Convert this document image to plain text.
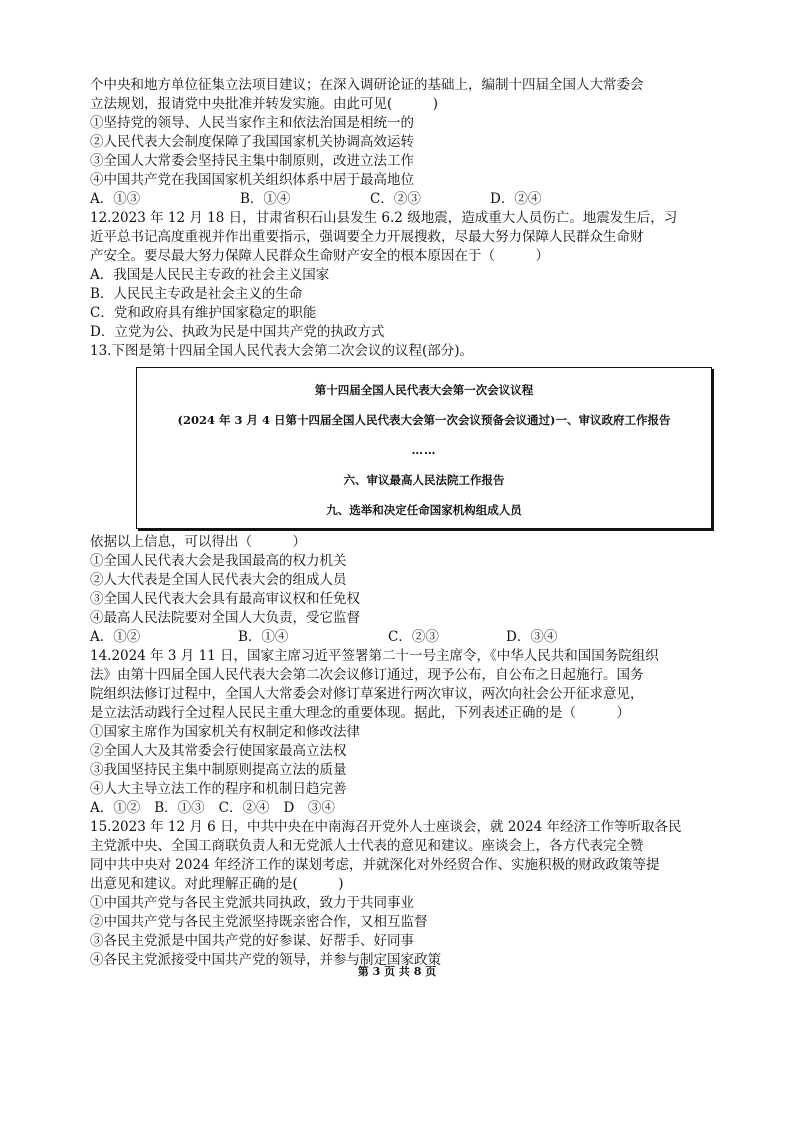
个中央和地方单位征集立法项目建议；在深入调研论证的基础上，编制十四届全国人大常委会
立法规划，报请党中央批准并转发实施。由此可见(　　　)
①坚持党的领导、人民当家作主和依法治国是相统一的
②人民代表大会制度保障了我国国家机关协调高效运转
③全国人大常委会坚持民主集中制原则，改进立法工作
④中国共产党在我国国家机关组织体系中居于最高地位
A．①③	B．①④	C．②③	D．②④
12.2023 年 12 月 18 日，甘肃省积石山县发生 6.2 级地震，造成重大人员伤亡。地震发生后，习
近平总书记高度重视并作出重要指示，强调要全力开展搜救，尽最大努力保障人民群众生命财
产安全。要尽最大努力保障人民群众生命财产安全的根本原因在于（　　　）
A．我国是人民民主专政的社会主义国家
B．人民民主专政是社会主义的生命
C．党和政府具有维护国家稳定的职能
D．立党为公、执政为民是中国共产党的执政方式
13.下图是第十四届全国人民代表大会第二次会议的议程(部分)。
第十四届全国人民代表大会第一次会议议程
(2024 年 3 月 4 日第十四届全国人民代表大会第一次会议预备会议通过)一、审议政府工作报告
……
六、审议最高人民法院工作报告
九、选举和决定任命国家机构组成人员
依据以上信息，可以得出（　　　）
①全国人民代表大会是我国最高的权力机关
②人大代表是全国人民代表大会的组成人员
③全国人民代表大会具有最高审议权和任免权
④最高人民法院要对全国人大负责，受它监督
A．①②	B．①④	C．②③	D．③④
14.2024 年 3 月 11 日，国家主席习近平签署第二十一号主席令，《中华人民共和国国务院组织
法》由第十四届全国人民代表大会第二次会议修订通过，现予公布，自公布之日起施行。国务
院组织法修订过程中，全国人大常委会对修订草案进行两次审议，两次向社会公开征求意见，
是立法活动践行全过程人民民主重大理念的重要体现。据此，下列表述正确的是（　　　）
①国家主席作为国家机关有权制定和修改法律
②全国人大及其常委会行使国家最高立法权
③我国坚持民主集中制原则提高立法的质量
④人大主导立法工作的程序和机制日趋完善
A．①② B．①③ C．②④ D　③④
15.2023 年 12 月 6 日，中共中央在中南海召开党外人士座谈会，就 2024 年经济工作等听取各民
主党派中央、全国工商联负责人和无党派人士代表的意见和建议。座谈会上，各方代表完全赞
同中共中央对 2024 年经济工作的谋划考虑，并就深化对外经贸合作、实施积极的财政政策等提
出意见和建议。对此理解正确的是(　　　)
①中国共产党与各民主党派共同执政，致力于共同事业
②中国共产党与各民主党派坚持既亲密合作，又相互监督
③各民主党派是中国共产党的好参谋、好帮手、好同事
④各民主党派接受中国共产党的领导，并参与制定国家政策
第 3 页 共 8 页
